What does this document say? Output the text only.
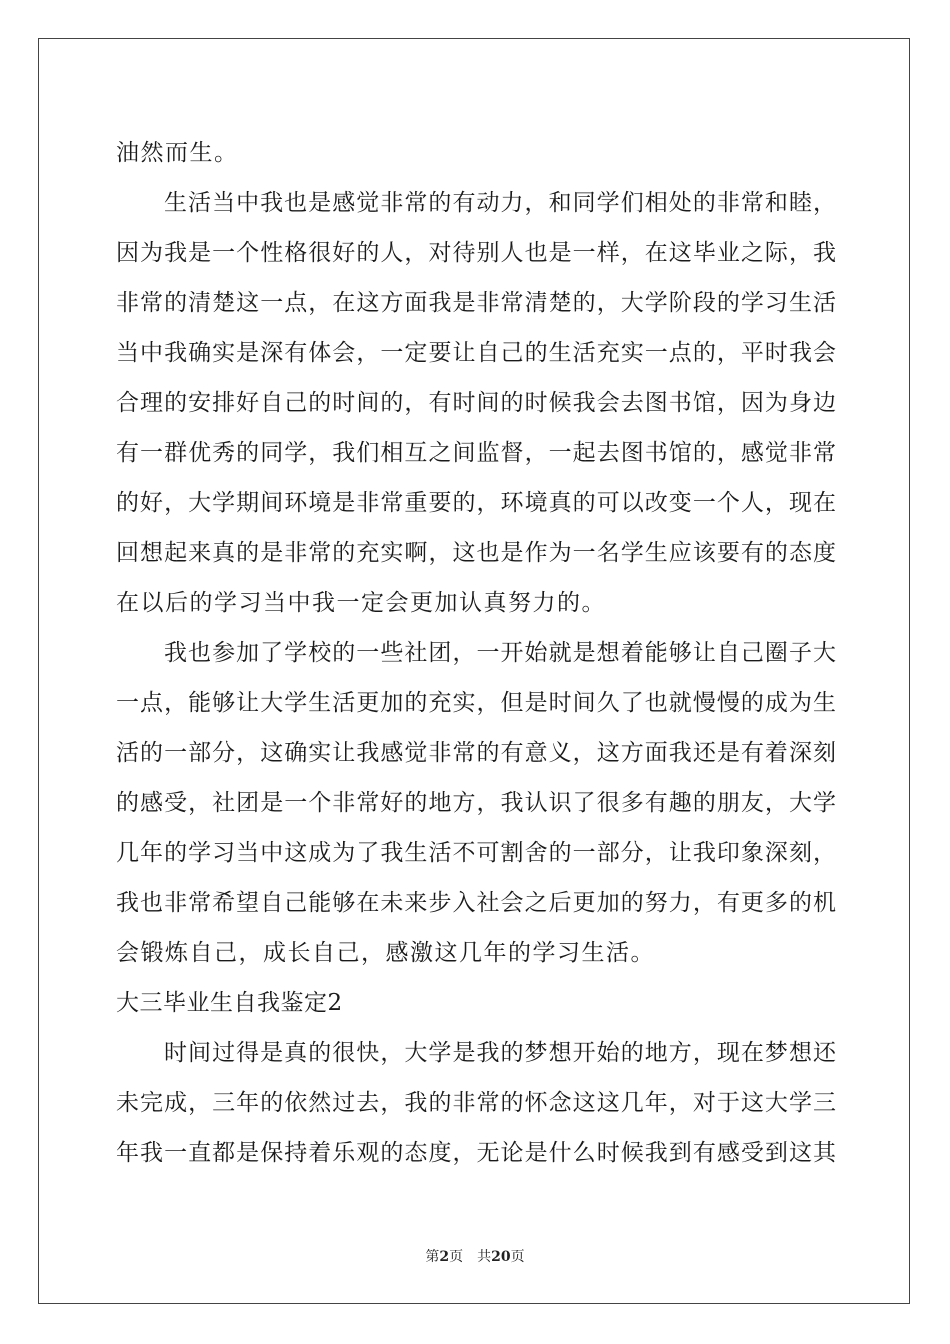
油然而生。
生活当中我也是感觉非常的有动力，和同学们相处的非常和睦，
因为我是一个性格很好的人，对待别人也是一样，在这毕业之际，我
非常的清楚这一点，在这方面我是非常清楚的，大学阶段的学习生活
当中我确实是深有体会，一定要让自己的生活充实一点的，平时我会
合理的安排好自己的时间的，有时间的时候我会去图书馆，因为身边
有一群优秀的同学，我们相互之间监督，一起去图书馆的，感觉非常
的好，大学期间环境是非常重要的，环境真的可以改变一个人，现在
回想起来真的是非常的充实啊，这也是作为一名学生应该要有的态度
在以后的学习当中我一定会更加认真努力的。
我也参加了学校的一些社团，一开始就是想着能够让自己圈子大
一点，能够让大学生活更加的充实，但是时间久了也就慢慢的成为生
活的一部分，这确实让我感觉非常的有意义，这方面我还是有着深刻
的感受，社团是一个非常好的地方，我认识了很多有趣的朋友，大学
几年的学习当中这成为了我生活不可割舍的一部分，让我印象深刻，
我也非常希望自己能够在未来步入社会之后更加的努力，有更多的机
会锻炼自己，成长自己，感激这几年的学习生活。
大三毕业生自我鉴定2
时间过得是真的很快，大学是我的梦想开始的地方，现在梦想还
未完成，三年的依然过去，我的非常的怀念这这几年，对于这大学三
年我一直都是保持着乐观的态度，无论是什么时候我到有感受到这其
第2页 共20页
